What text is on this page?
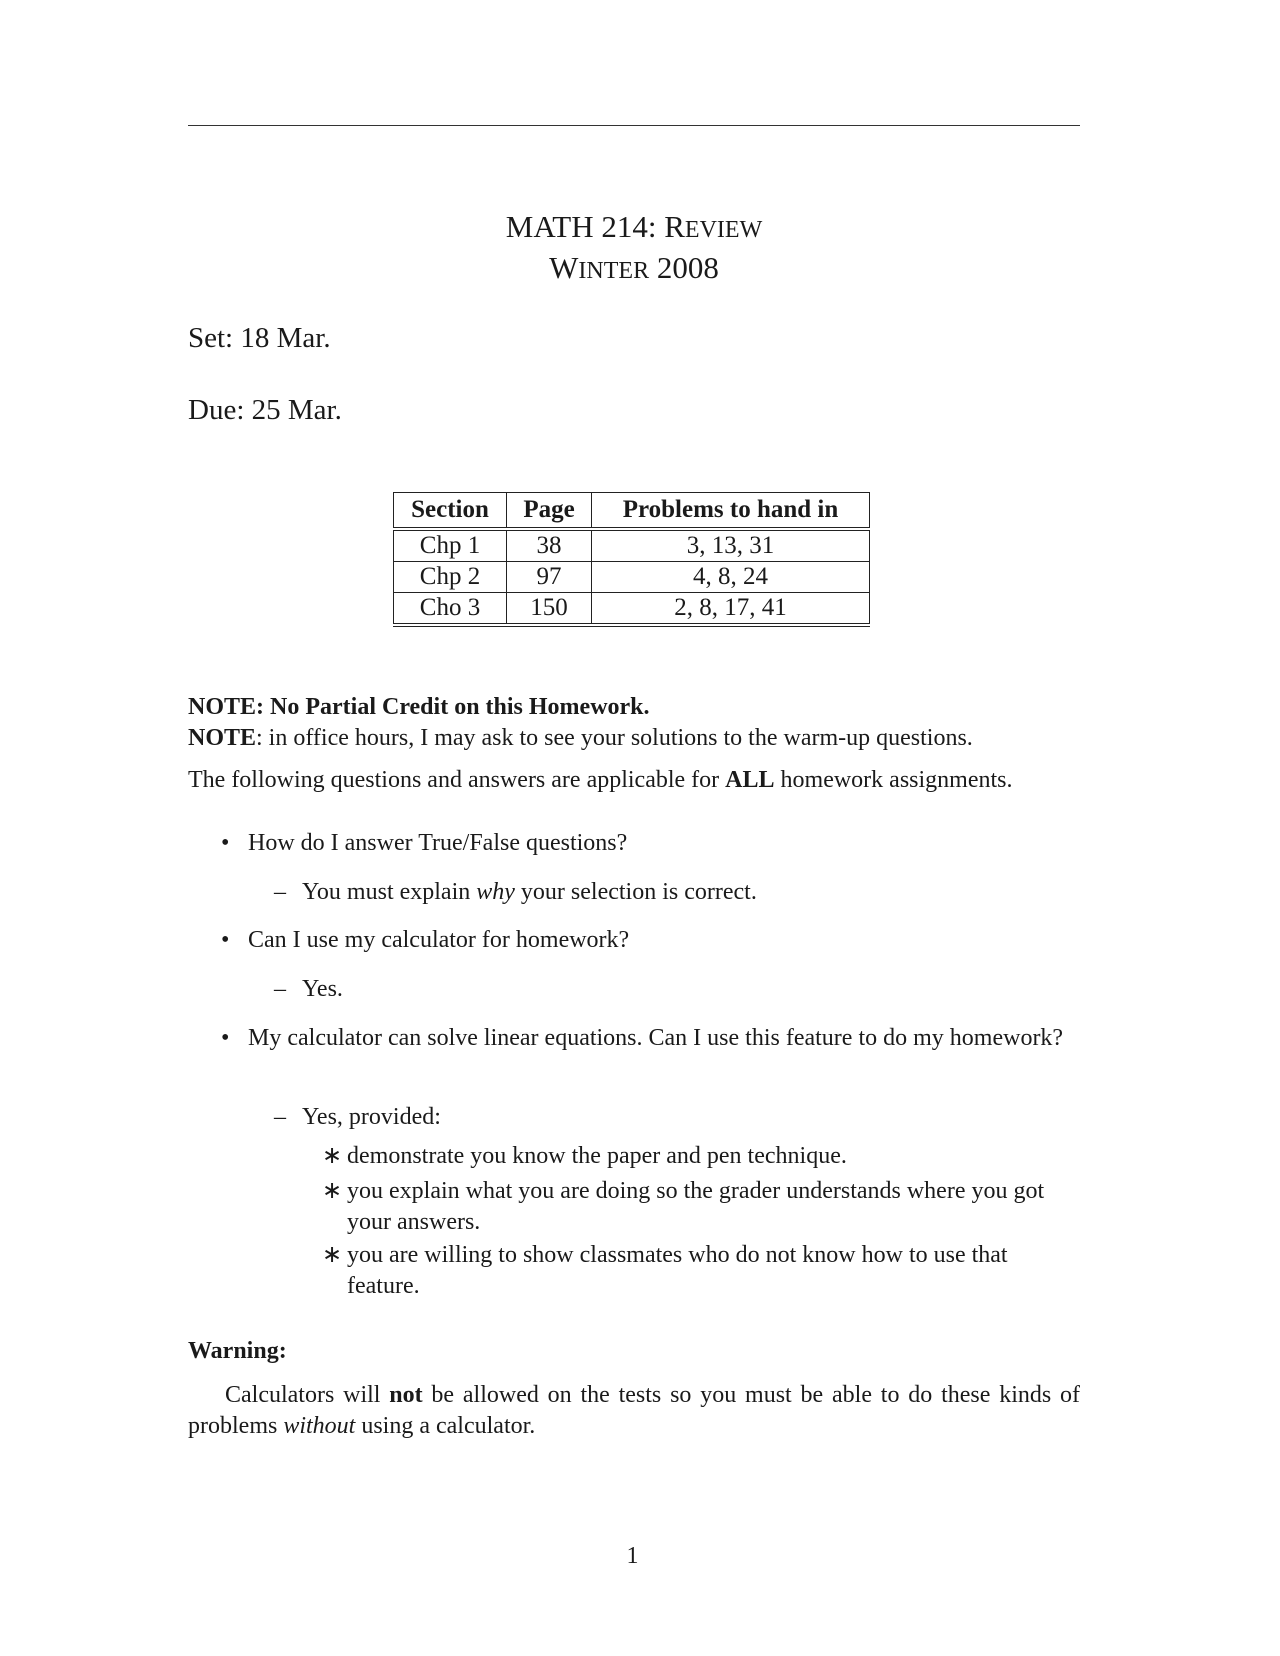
MATH 214: REVIEW
WINTER 2008
Set: 18 Mar.
Due: 25 Mar.
Section	Page	Problems to hand in
Chp 1	38	3, 13, 31
Chp 2	97	4, 8, 24
Cho 3	150	2, 8, 17, 41
NOTE: No Partial Credit on this Homework.
NOTE: in office hours, I may ask to see your solutions to the warm-up questions.
The following questions and answers are applicable for ALL homework assignments.
• How do I answer True/False questions?
– You must explain why your selection is correct.
• Can I use my calculator for homework?
– Yes.
• My calculator can solve linear equations. Can I use this feature to do my homework?
– Yes, provided:
∗ demonstrate you know the paper and pen technique.
∗ you explain what you are doing so the grader understands where you got your answers.
∗ you are willing to show classmates who do not know how to use that feature.
Warning:
Calculators will not be allowed on the tests so you must be able to do these kinds of problems without using a calculator.
1
